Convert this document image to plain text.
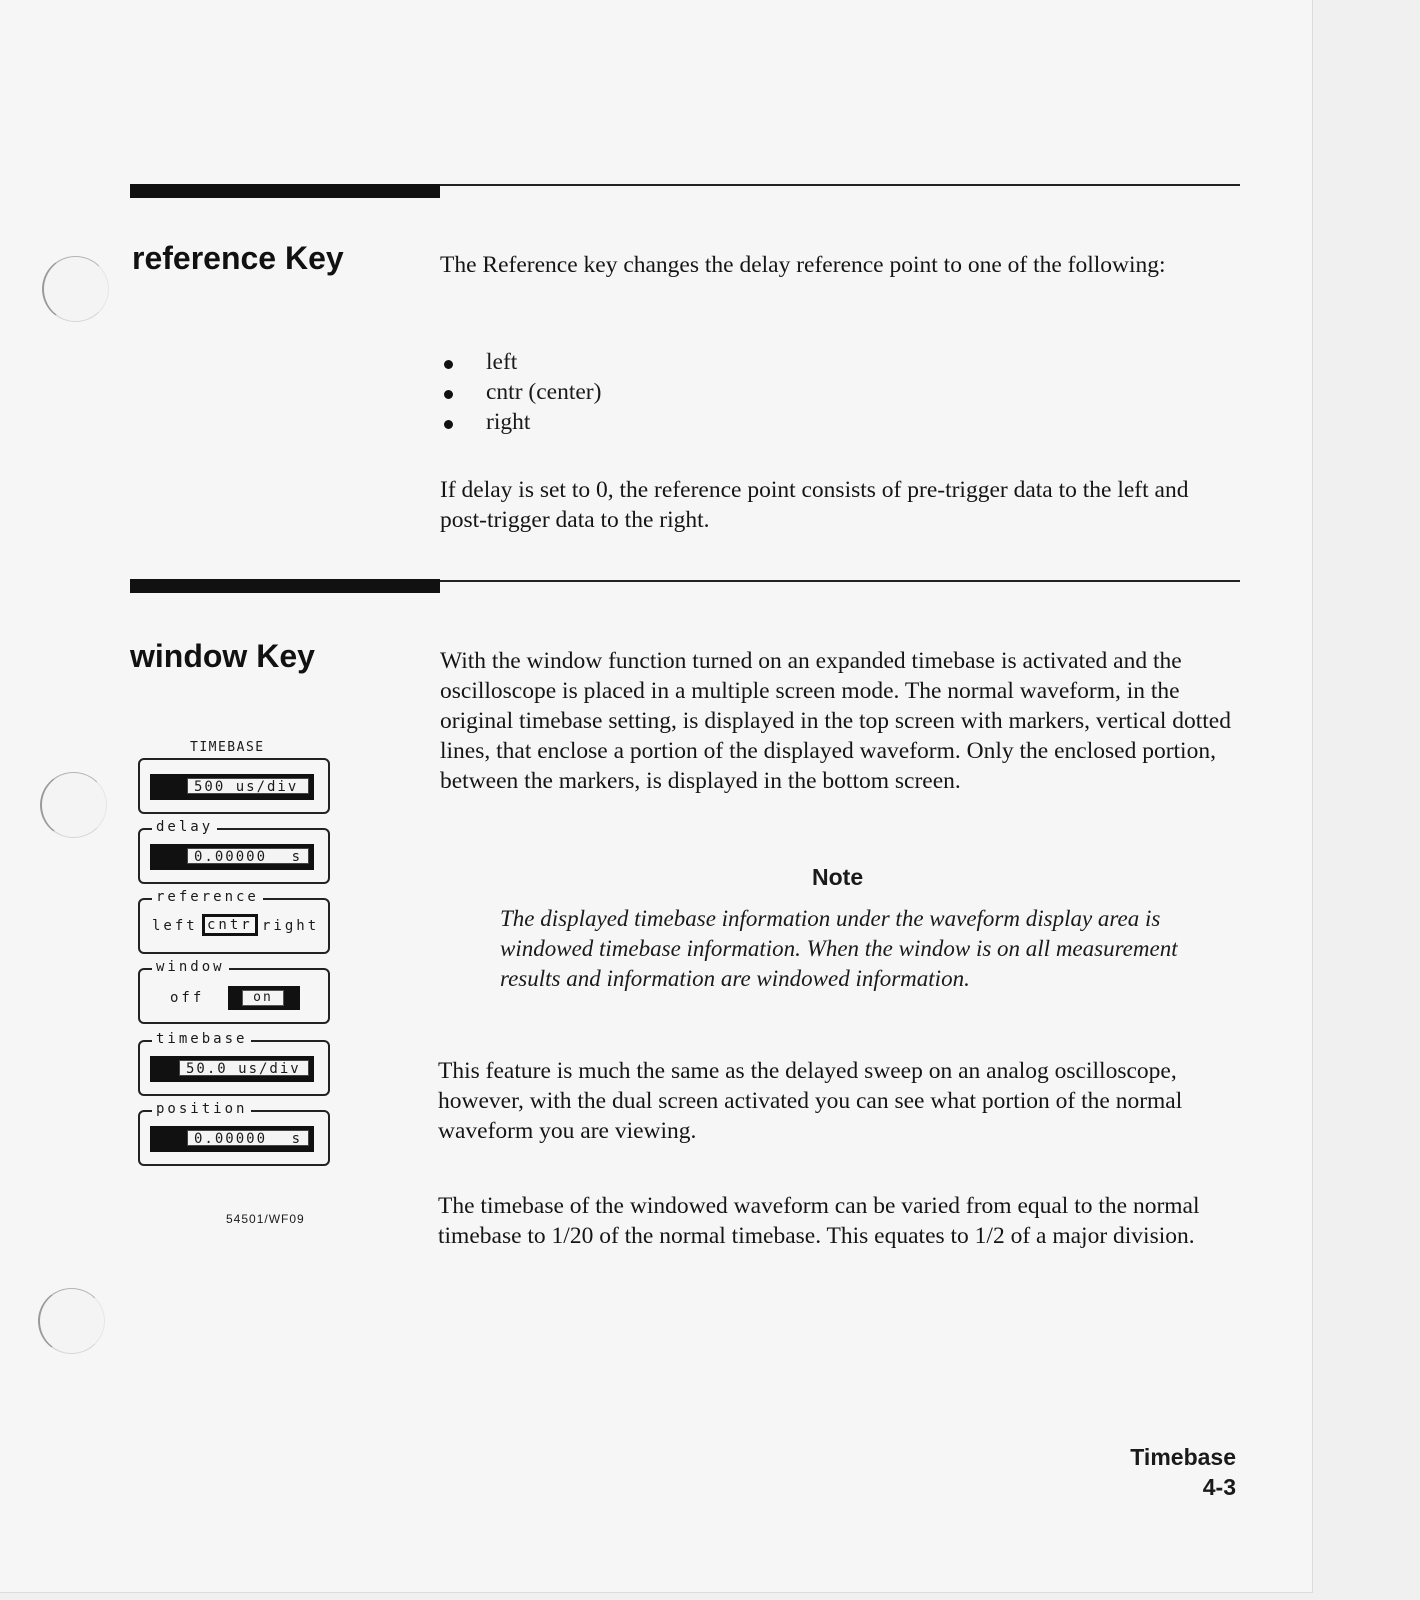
reference Key	The Reference key changes the delay reference point to one of the following:

left
cntr (center)
right

If delay is set to 0, the reference point consists of pre-trigger data to the left and post-trigger data to the right.

window Key	With the window function turned on an expanded timebase is activated and the oscilloscope is placed in a multiple screen mode. The normal waveform, in the original timebase setting, is displayed in the top screen with markers, vertical dotted lines, that enclose a portion of the displayed waveform. Only the enclosed portion, between the markers, is displayed in the bottom screen.

Note
The displayed timebase information under the waveform display area is windowed timebase information. When the window is on all measurement results and information are windowed information.

This feature is much the same as the delayed sweep on an analog oscilloscope, however, with the dual screen activated you can see what portion of the normal waveform you are viewing.

The timebase of the windowed waveform can be varied from equal to the normal timebase to 1/20 of the normal timebase. This equates to 1/2 of a major division.

TIMEBASE
500 us/div
delay
0.00000 s
reference
left cntr right
window
off	on
timebase
50.0 us/div
position
0.00000 s
54501/WF09
Timebase
4-3
